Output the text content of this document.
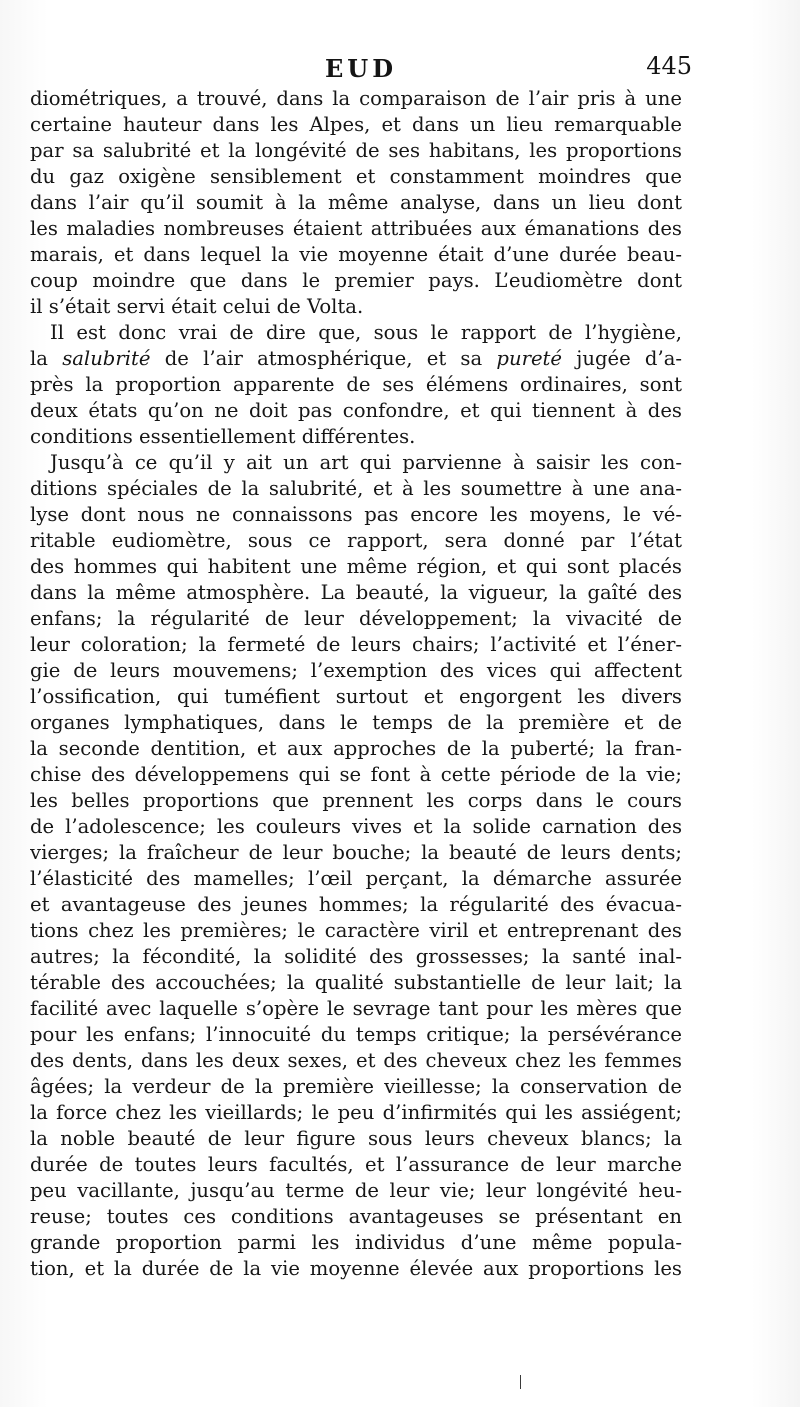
EUD	445
diométriques, a trouvé, dans la comparaison de l’air pris à une
certaine hauteur dans les Alpes, et dans un lieu remarquable
par sa salubrité et la longévité de ses habitans, les proportions
du gaz oxigène sensiblement et constamment moindres que
dans l’air qu’il soumit à la même analyse, dans un lieu dont
les maladies nombreuses étaient attribuées aux émanations des
marais, et dans lequel la vie moyenne était d’une durée beau-
coup moindre que dans le premier pays. L’eudiomètre dont
il s’était servi était celui de Volta.
Il est donc vrai de dire que, sous le rapport de l’hygiène,
la salubrité de l’air atmosphérique, et sa pureté jugée d’a-
près la proportion apparente de ses élémens ordinaires, sont
deux états qu’on ne doit pas confondre, et qui tiennent à des
conditions essentiellement différentes.
Jusqu’à ce qu’il y ait un art qui parvienne à saisir les con-
ditions spéciales de la salubrité, et à les soumettre à une ana-
lyse dont nous ne connaissons pas encore les moyens, le vé-
ritable eudiomètre, sous ce rapport, sera donné par l’état
des hommes qui habitent une même région, et qui sont placés
dans la même atmosphère. La beauté, la vigueur, la gaîté des
enfans; la régularité de leur développement; la vivacité de
leur coloration; la fermeté de leurs chairs; l’activité et l’éner-
gie de leurs mouvemens; l’exemption des vices qui affectent
l’ossification, qui tuméfient surtout et engorgent les divers
organes lymphatiques, dans le temps de la première et de
la seconde dentition, et aux approches de la puberté; la fran-
chise des développemens qui se font à cette période de la vie;
les belles proportions que prennent les corps dans le cours
de l’adolescence; les couleurs vives et la solide carnation des
vierges; la fraîcheur de leur bouche; la beauté de leurs dents;
l’élasticité des mamelles; l’œil perçant, la démarche assurée
et avantageuse des jeunes hommes; la régularité des évacua-
tions chez les premières; le caractère viril et entreprenant des
autres; la fécondité, la solidité des grossesses; la santé inal-
térable des accouchées; la qualité substantielle de leur lait; la
facilité avec laquelle s’opère le sevrage tant pour les mères que
pour les enfans; l’innocuité du temps critique; la persévérance
des dents, dans les deux sexes, et des cheveux chez les femmes
âgées; la verdeur de la première vieillesse; la conservation de
la force chez les vieillards; le peu d’infirmités qui les assiégent;
la noble beauté de leur figure sous leurs cheveux blancs; la
durée de toutes leurs facultés, et l’assurance de leur marche
peu vacillante, jusqu’au terme de leur vie; leur longévité heu-
reuse; toutes ces conditions avantageuses se présentant en
grande proportion parmi les individus d’une même popula-
tion, et la durée de la vie moyenne élevée aux proportions les
